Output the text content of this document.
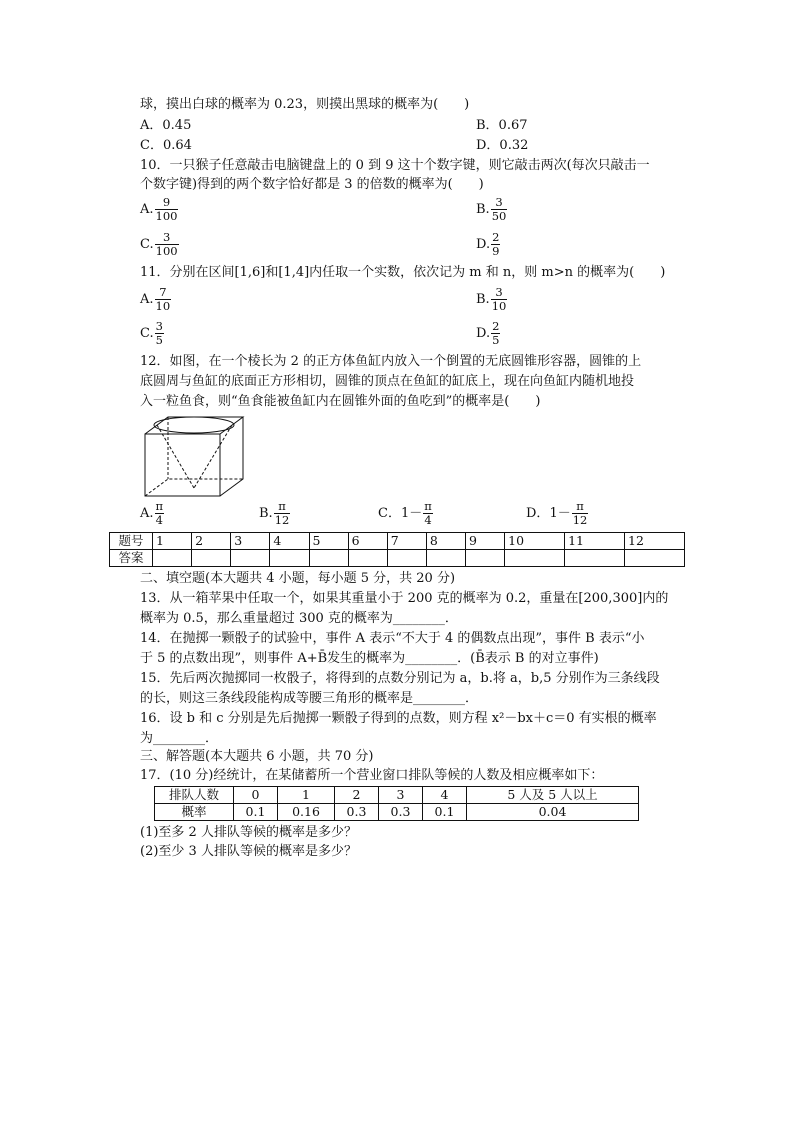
球，摸出白球的概率为 0.23，则摸出黑球的概率为(　　)
A．0.45	B．0.67
C．0.64	D．0.32
10．一只猴子任意敲击电脑键盘上的 0 到 9 这十个数字键，则它敲击两次(每次只敲击一
个数字键)得到的两个数字恰好都是 3 的倍数的概率为(　　)
A. $\frac{9}{100}$	B. $\frac{3}{50}$
C. $\frac{3}{100}$	D. $\frac{2}{9}$
11．分别在区间[1,6]和[1,4]内任取一个实数，依次记为 m 和 n，则 m>n 的概率为(　　)
A. $\frac{7}{10}$	B. $\frac{3}{10}$
C. $\frac{3}{5}$	D. $\frac{2}{5}$
12．如图，在一个棱长为 2 的正方体鱼缸内放入一个倒置的无底圆锥形容器，圆锥的上
底圆周与鱼缸的底面正方形相切，圆锥的顶点在鱼缸的缸底上，现在向鱼缸内随机地投
入一粒鱼食，则“鱼食能被鱼缸内在圆锥外面的鱼吃到”的概率是(　　)
A. $\frac{\pi}{4}$	B. $\frac{\pi}{12}$	C．$1- \frac{\pi}{4}$	D．$1- \frac{\pi}{12}$
题号	1	2	3	4	5	6	7	8	9	10	11	12
答案												
二、填空题(本大题共 4 小题，每小题 5 分，共 20 分)
13．从一箱苹果中任取一个，如果其重量小于 200 克的概率为 0.2，重量在[200,300]内的
概率为 0.5，那么重量超过 300 克的概率为________．
14．在抛掷一颗骰子的试验中，事件 A 表示“不大于 4 的偶数点出现”，事件 B 表示“小
于 5 的点数出现”，则事件 A+B̄发生的概率为________．(B̄表示 B 的对立事件)
15．先后两次抛掷同一枚骰子，将得到的点数分别记为 a，b.将 a，b,5 分别作为三条线段
的长，则这三条线段能构成等腰三角形的概率是________．
16．设 b 和 c 分别是先后抛掷一颗骰子得到的点数，则方程 x²－bx＋c＝0 有实根的概率
为________．
三、解答题(本大题共 6 小题，共 70 分)
17．(10 分)经统计，在某储蓄所一个营业窗口排队等候的人数及相应概率如下：
排队人数	0	1	2	3	4	5 人及 5 人以上
概率	0.1	0.16	0.3	0.3	0.1	0.04
(1)至多 2 人排队等候的概率是多少？
(2)至少 3 人排队等候的概率是多少？
